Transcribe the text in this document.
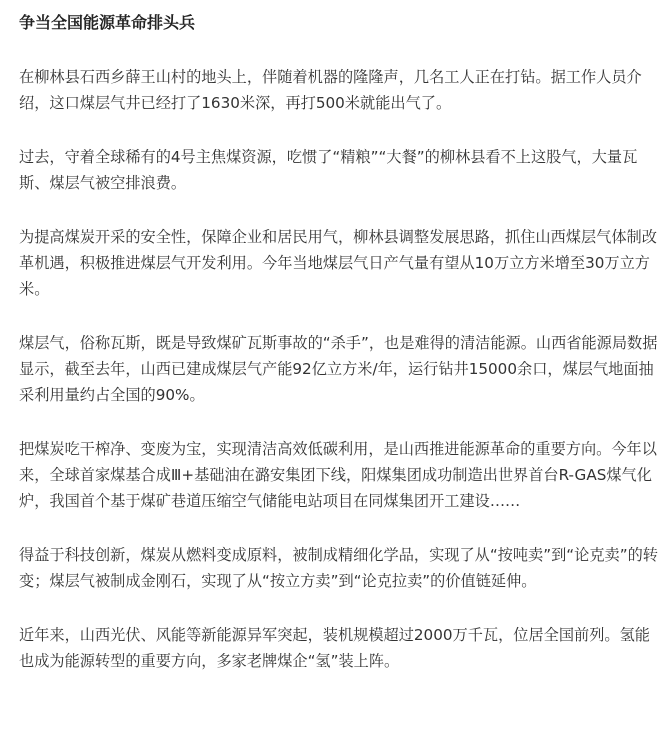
争当全国能源革命排头兵

在柳林县石西乡薛王山村的地头上，伴随着机器的隆隆声，几名工人正在打钻。据工作人员介绍，这口煤层气井已经打了1630米深，再打500米就能出气了。

过去，守着全球稀有的4号主焦煤资源，吃惯了“精粮”“大餐”的柳林县看不上这股气，大量瓦斯、煤层气被空排浪费。

为提高煤炭开采的安全性，保障企业和居民用气，柳林县调整发展思路，抓住山西煤层气体制改革机遇，积极推进煤层气开发利用。今年当地煤层气日产气量有望从10万立方米增至30万立方米。

煤层气，俗称瓦斯，既是导致煤矿瓦斯事故的“杀手”，也是难得的清洁能源。山西省能源局数据显示，截至去年，山西已建成煤层气产能92亿立方米/年，运行钻井15000余口，煤层气地面抽采利用量约占全国的90%。

把煤炭吃干榨净、变废为宝，实现清洁高效低碳利用，是山西推进能源革命的重要方向。今年以来，全球首家煤基合成Ⅲ+基础油在潞安集团下线，阳煤集团成功制造出世界首台R-GAS煤气化炉，我国首个基于煤矿巷道压缩空气储能电站项目在同煤集团开工建设……

得益于科技创新，煤炭从燃料变成原料，被制成精细化学品，实现了从“按吨卖”到“论克卖”的转变；煤层气被制成金刚石，实现了从“按立方卖”到“论克拉卖”的价值链延伸。

近年来，山西光伏、风能等新能源异军突起，装机规模超过2000万千瓦，位居全国前列。氢能也成为能源转型的重要方向，多家老牌煤企“氢”装上阵。
